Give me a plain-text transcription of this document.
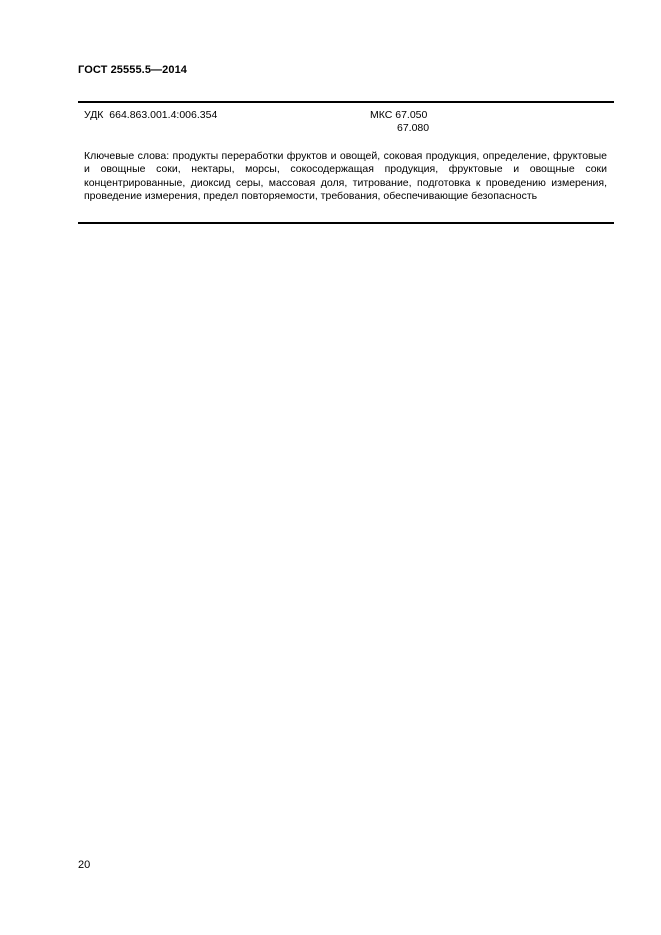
ГОСТ 25555.5—2014
УДК  664.863.001.4:006.354	МКС 67.050
67.080
Ключевые слова: продукты переработки фруктов и овощей, соковая продукция, определение, фруктовые и овощные соки, нектары, морсы, сокосодержащая продукция, фруктовые и овощные соки концентрированные, диоксид серы, массовая доля, титрование, подготовка к проведению измерения, проведение измерения, предел повторяемости, требования, обеспечивающие безопасность
20
